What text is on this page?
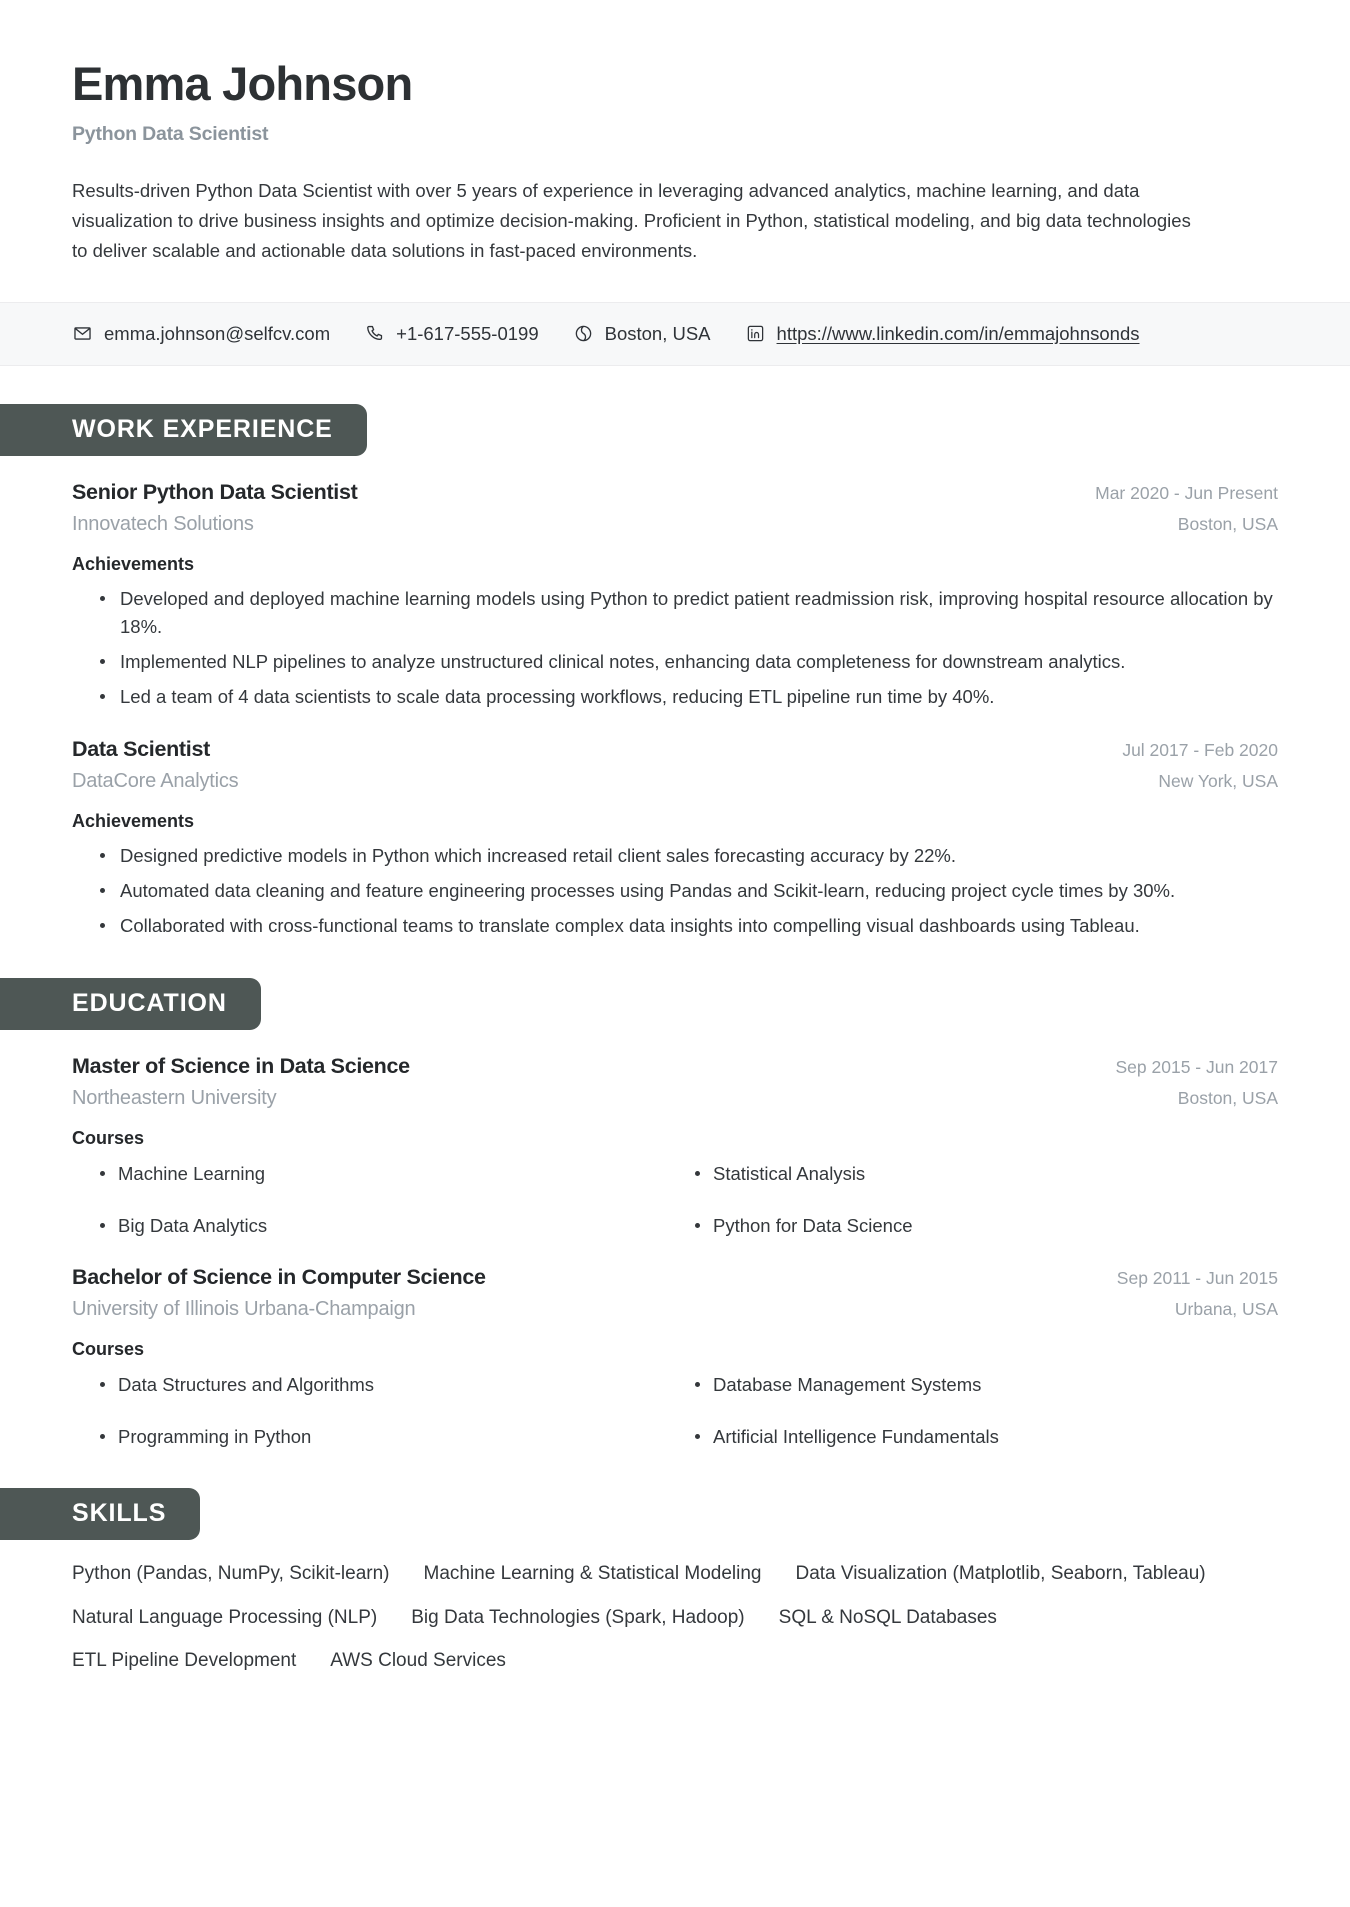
Emma Johnson
Python Data Scientist
Results-driven Python Data Scientist with over 5 years of experience in leveraging advanced analytics, machine learning, and data visualization to drive business insights and optimize decision-making. Proficient in Python, statistical modeling, and big data technologies to deliver scalable and actionable data solutions in fast-paced environments.
emma.johnson@selfcv.com	+1-617-555-0199	Boston, USA	https://www.linkedin.com/in/emmajohnsonds
WORK EXPERIENCE
Senior Python Data Scientist
Innovatech Solutions
Mar 2020 - Jun Present
Boston, USA
Achievements
Developed and deployed machine learning models using Python to predict patient readmission risk, improving hospital resource allocation by 18%.
Implemented NLP pipelines to analyze unstructured clinical notes, enhancing data completeness for downstream analytics.
Led a team of 4 data scientists to scale data processing workflows, reducing ETL pipeline run time by 40%.
Data Scientist
DataCore Analytics
Jul 2017 - Feb 2020
New York, USA
Achievements
Designed predictive models in Python which increased retail client sales forecasting accuracy by 22%.
Automated data cleaning and feature engineering processes using Pandas and Scikit-learn, reducing project cycle times by 30%.
Collaborated with cross-functional teams to translate complex data insights into compelling visual dashboards using Tableau.
EDUCATION
Master of Science in Data Science
Northeastern University
Sep 2015 - Jun 2017
Boston, USA
Courses
Machine Learning	Statistical Analysis
Big Data Analytics	Python for Data Science
Bachelor of Science in Computer Science
University of Illinois Urbana-Champaign
Sep 2011 - Jun 2015
Urbana, USA
Courses
Data Structures and Algorithms	Database Management Systems
Programming in Python	Artificial Intelligence Fundamentals
SKILLS
Python (Pandas, NumPy, Scikit-learn) Machine Learning & Statistical Modeling Data Visualization (Matplotlib, Seaborn, Tableau)
Natural Language Processing (NLP) Big Data Technologies (Spark, Hadoop) SQL & NoSQL Databases
ETL Pipeline Development AWS Cloud Services
